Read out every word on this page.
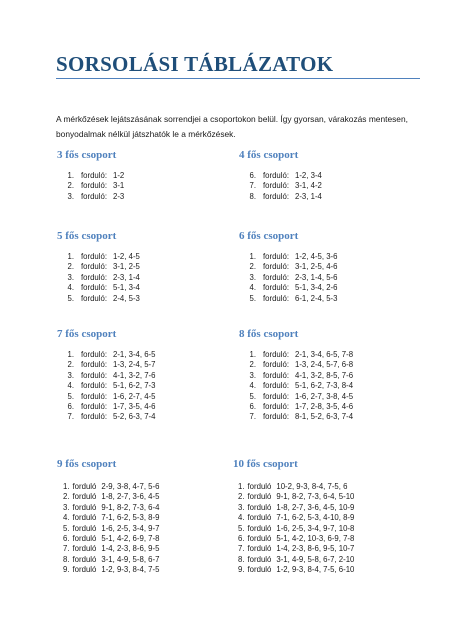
SORSOLÁSI TÁBLÁZATOK
A mérkőzések lejátszásának sorrendjei a csoportokon belül. Így gyorsan, várakozás mentesen, bonyodalmak nélkül játszhatók le a mérkőzések.
3 fős csoport
1. forduló: 1-2
2. forduló: 3-1
3. forduló: 2-3
4 fős csoport
6. forduló: 1-2, 3-4
7. forduló: 3-1, 4-2
8. forduló: 2-3, 1-4
5 fős csoport
1. forduló: 1-2, 4-5
2. forduló: 3-1, 2-5
3. forduló: 2-3, 1-4
4. forduló: 5-1, 3-4
5. forduló: 2-4, 5-3
6 fős csoport
1. forduló: 1-2, 4-5, 3-6
2. forduló: 3-1, 2-5, 4-6
3. forduló: 2-3, 1-4, 5-6
4. forduló: 5-1, 3-4, 2-6
5. forduló: 6-1, 2-4, 5-3
7 fős csoport
1. forduló: 2-1, 3-4, 6-5
2. forduló: 1-3, 2-4, 5-7
3. forduló: 4-1, 3-2, 7-6
4. forduló: 5-1, 6-2, 7-3
5. forduló: 1-6, 2-7, 4-5
6. forduló: 1-7, 3-5, 4-6
7. forduló: 5-2, 6-3, 7-4
8 fős csoport
1. forduló: 2-1, 3-4, 6-5, 7-8
2. forduló: 1-3, 2-4, 5-7, 6-8
3. forduló: 4-1, 3-2, 8-5, 7-6
4. forduló: 5-1, 6-2, 7-3, 8-4
5. forduló: 1-6, 2-7, 3-8, 4-5
6. forduló: 1-7, 2-8, 3-5, 4-6
7. forduló: 8-1, 5-2, 6-3, 7-4
9 fős csoport
1. forduló 2-9, 3-8, 4-7, 5-6
2. forduló 1-8, 2-7, 3-6, 4-5
3. forduló 9-1, 8-2, 7-3, 6-4
4. forduló 7-1, 6-2, 5-3, 8-9
5. forduló 1-6, 2-5, 3-4, 9-7
6. forduló 5-1, 4-2, 6-9, 7-8
7. forduló 1-4, 2-3, 8-6, 9-5
8. forduló 3-1, 4-9, 5-8, 6-7
9. forduló 1-2, 9-3, 8-4, 7-5
10 fős csoport
1. forduló 10-2, 9-3, 8-4, 7-5, 6
2. forduló 9-1, 8-2, 7-3, 6-4, 5-10
3. forduló 1-8, 2-7, 3-6, 4-5, 10-9
4. forduló 7-1, 6-2, 5-3, 4-10, 8-9
5. forduló 1-6, 2-5, 3-4, 9-7, 10-8
6. forduló 5-1, 4-2, 10-3, 6-9, 7-8
7. forduló 1-4, 2-3, 8-6, 9-5, 10-7
8. forduló 3-1, 4-9, 5-8, 6-7, 2-10
9. forduló 1-2, 9-3, 8-4, 7-5, 6-10
